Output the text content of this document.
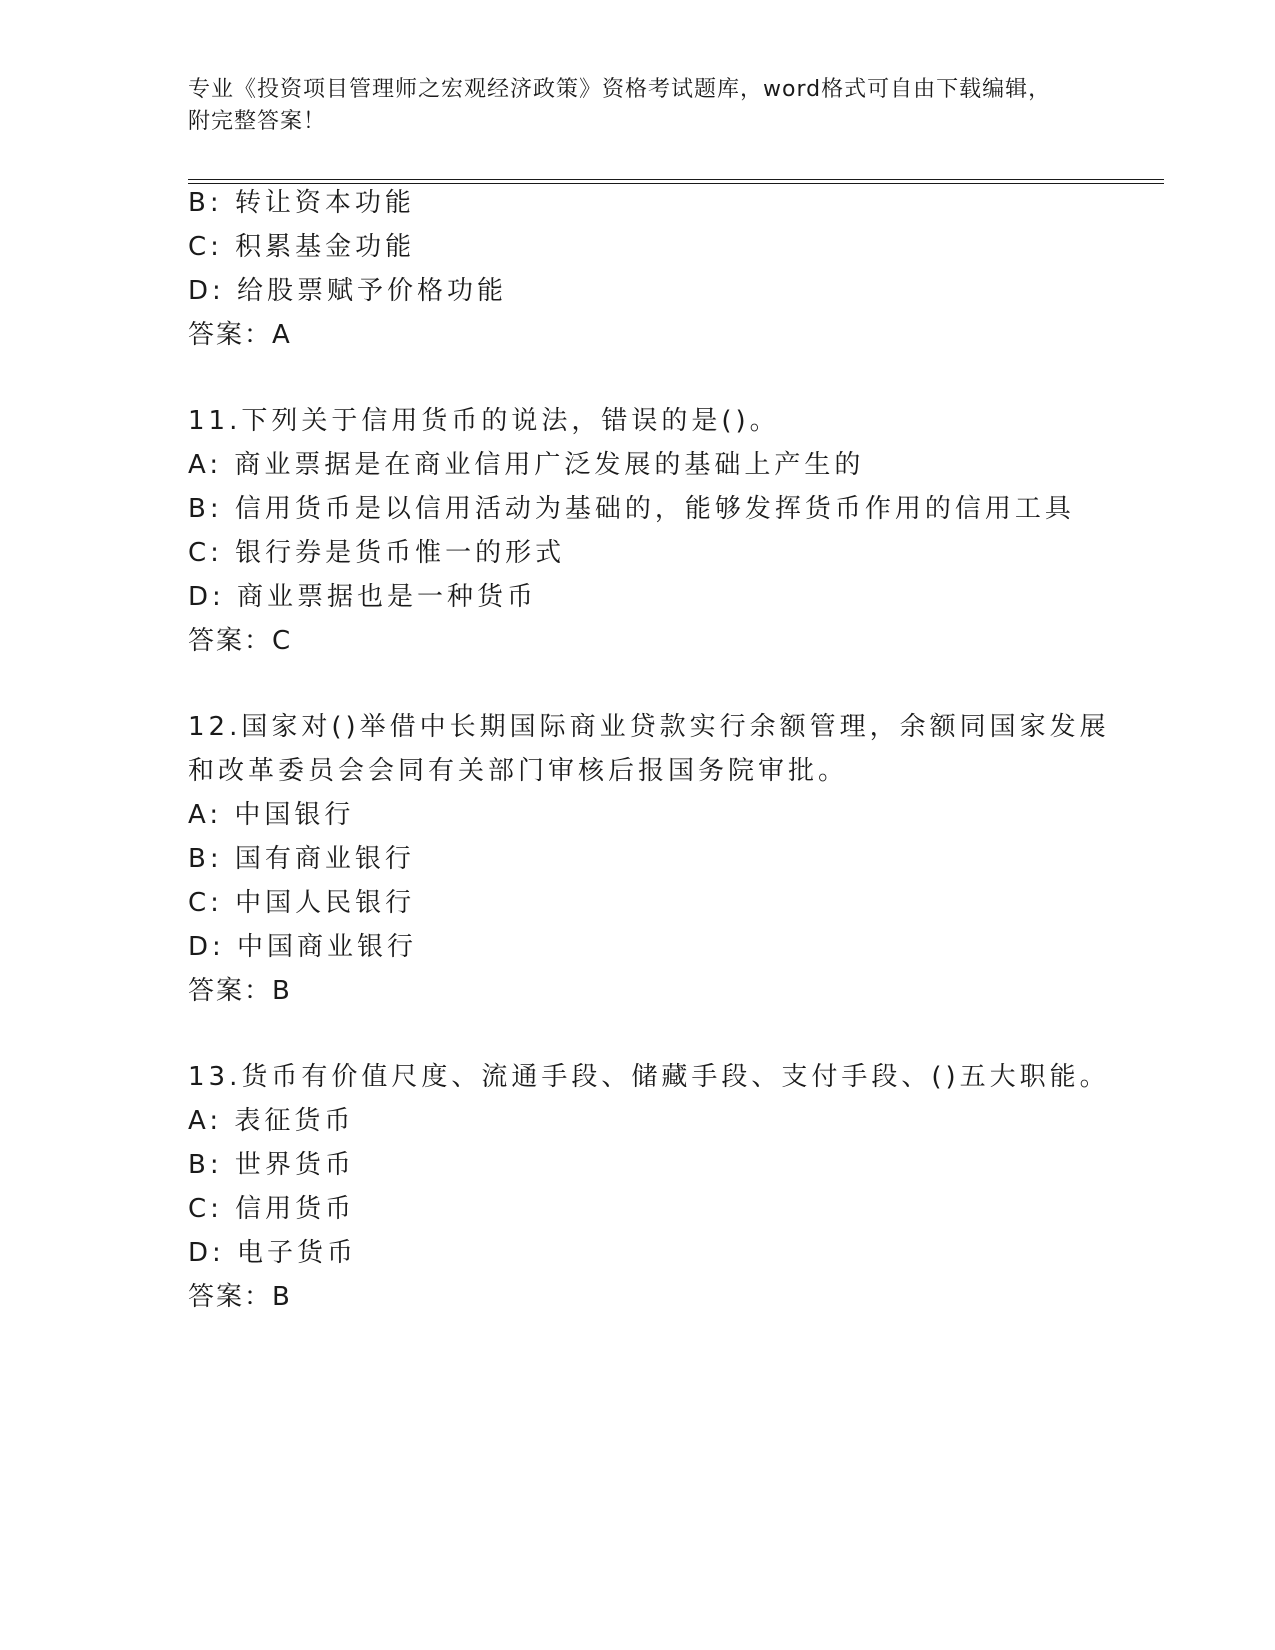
专业《投资项目管理师之宏观经济政策》资格考试题库，word格式可自由下载编辑，附完整答案！
B: 转让资本功能
C: 积累基金功能
D: 给股票赋予价格功能
答案：A
11.下列关于信用货币的说法，错误的是()。
A: 商业票据是在商业信用广泛发展的基础上产生的
B: 信用货币是以信用活动为基础的，能够发挥货币作用的信用工具
C: 银行券是货币惟一的形式
D: 商业票据也是一种货币
答案：C
12.国家对()举借中长期国际商业贷款实行余额管理，余额同国家发展
和改革委员会会同有关部门审核后报国务院审批。
A: 中国银行
B: 国有商业银行
C: 中国人民银行
D: 中国商业银行
答案：B
13.货币有价值尺度、流通手段、储藏手段、支付手段、()五大职能。
A: 表征货币
B: 世界货币
C: 信用货币
D: 电子货币
答案：B
